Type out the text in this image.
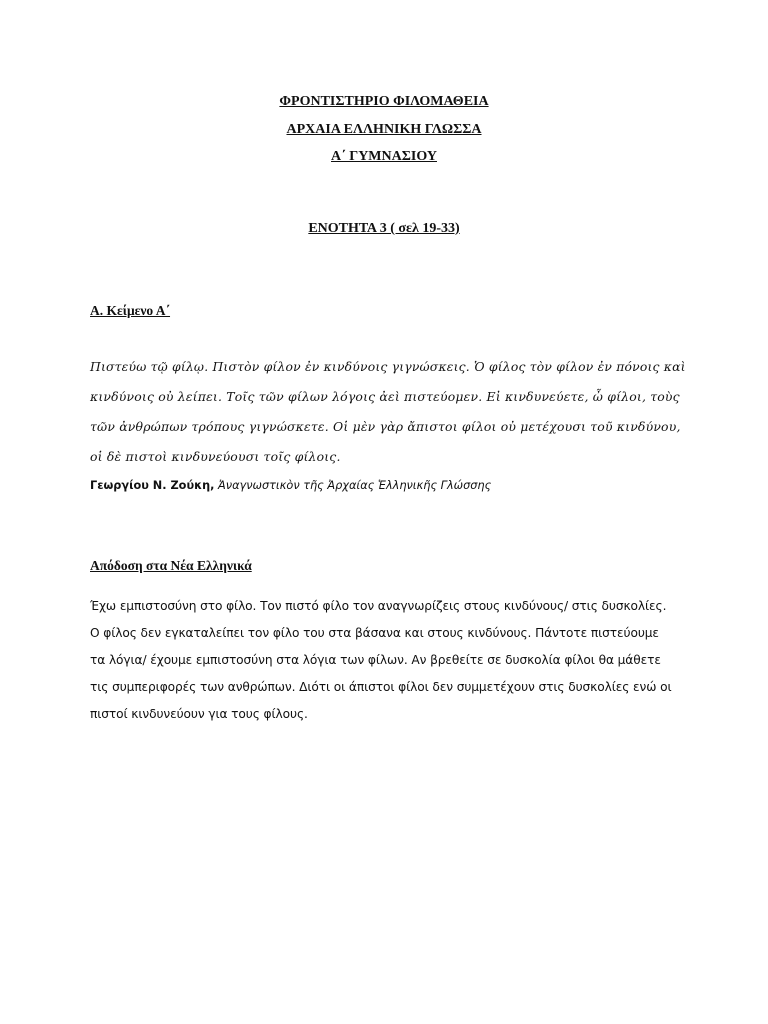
ΦΡΟΝΤΙΣΤΗΡΙΟ ΦΙΛΟΜΑΘΕΙΑ
ΑΡΧΑΙΑ ΕΛΛΗΝΙΚΗ ΓΛΩΣΣΑ
Α΄ ΓΥΜΝΑΣΙΟΥ
ΕΝΟΤΗΤΑ 3 ( σελ 19-33)
Α. Κείμενο Α΄
Πιστεύω τῷ φίλῳ. Πιστὸν φίλον ἐν κινδύνοις γιγνώσκεις. Ὁ φίλος τὸν φίλον ἐν πόνοις καὶ
κινδύνοις οὐ λείπει. Τοῖς τῶν φίλων λόγοις ἀεὶ πιστεύομεν. Εἰ κινδυνεύετε, ὦ φίλοι, τοὺς
τῶν ἀνθρώπων τρόπους γιγνώσκετε. Οἱ μὲν γὰρ ἄπιστοι φίλοι οὐ μετέχουσι τοῦ κινδύνου,
οἱ δὲ πιστοὶ κινδυνεύουσι τοῖς φίλοις.
Γεωργίου Ν. Ζούκη, Ἀναγνωστικὸν τῆς Ἀρχαίας Ἑλληνικῆς Γλώσσης
Απόδοση στα Νέα Ελληνικά
Έχω εμπιστοσύνη στο φίλο. Τον πιστό φίλο τον αναγνωρίζεις στους κινδύνους/ στις δυσκολίες.
Ο φίλος δεν εγκαταλείπει τον φίλο του στα βάσανα και στους κινδύνους. Πάντοτε πιστεύουμε
τα λόγια/ έχουμε εμπιστοσύνη στα λόγια των φίλων. Αν βρεθείτε σε δυσκολία φίλοι θα μάθετε
τις συμπεριφορές των ανθρώπων. Διότι οι άπιστοι φίλοι δεν συμμετέχουν στις δυσκολίες ενώ οι
πιστοί κινδυνεύουν για τους φίλους.
